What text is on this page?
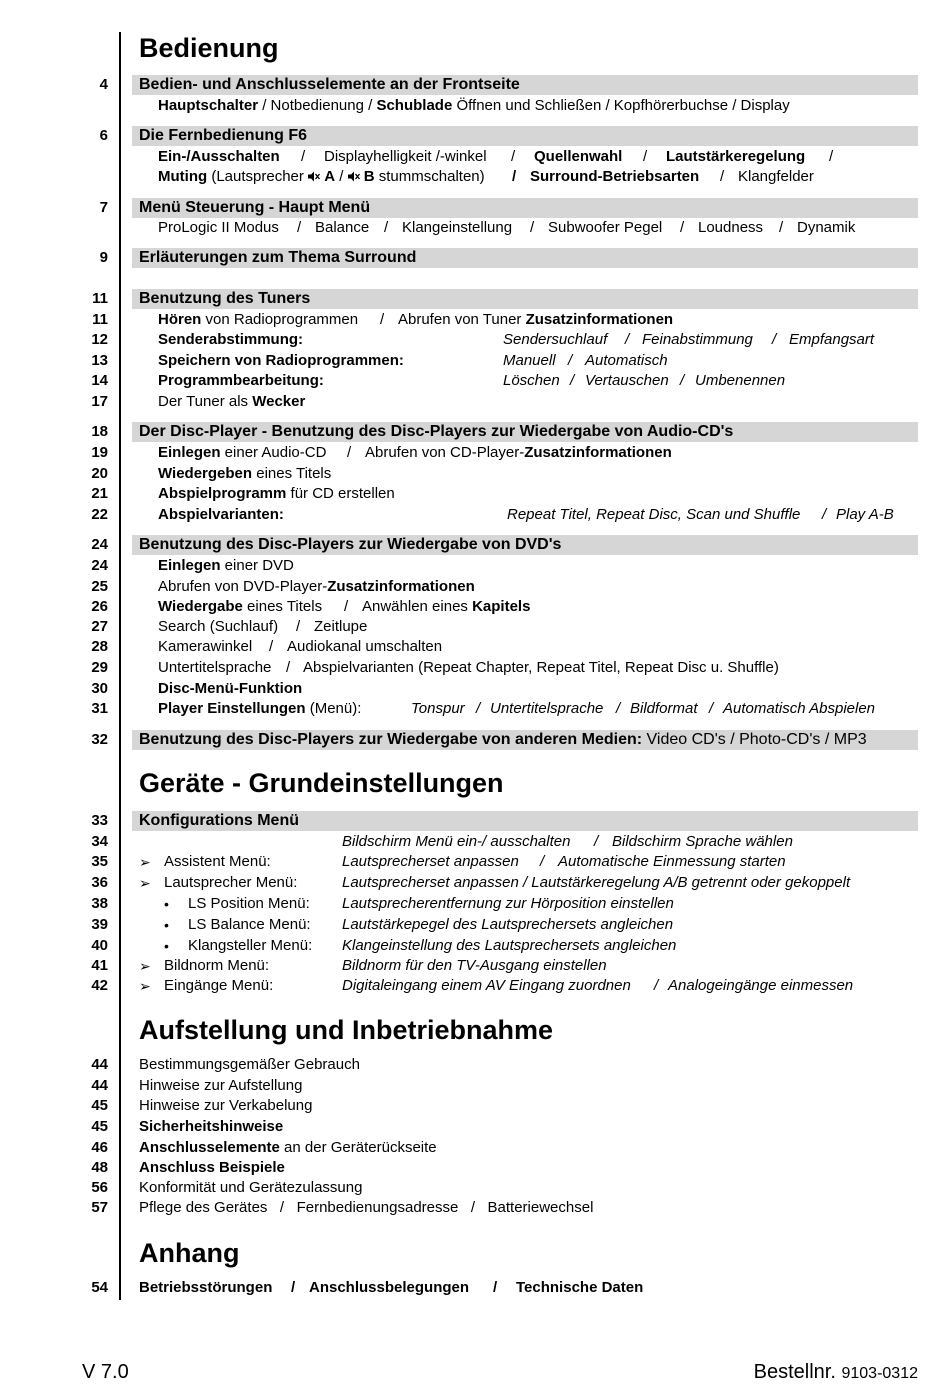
Bedienung
4 Bedien- und Anschlusselemente an der Frontseite
Hauptschalter / Notbedienung / Schublade Öffnen und Schließen / Kopfhörerbuchse / Display
6 Die Fernbedienung F6
Ein-/Ausschalten / Displayhelligkeit /-winkel / Quellenwahl / Lautstärkeregelung /
Muting (Lautsprecher  A /  B stummschalten) / Surround-Betriebsarten / Klangfelder
7 Menü Steuerung - Haupt Menü
ProLogic II Modus / Balance / Klangeinstellung / Subwoofer Pegel / Loudness / Dynamik
9 Erläuterungen zum Thema Surround
11 Benutzung des Tuners
11	Hören von Radioprogrammen / Abrufen von Tuner Zusatzinformationen
12	Senderabstimmung:	Sendersuchlauf / Feinabstimmung / Empfangsart
13	Speichern von Radioprogrammen:	Manuell / Automatisch
14	Programmbearbeitung:	Löschen / Vertauschen / Umbenennen
17	Der Tuner als Wecker
18 Der Disc-Player - Benutzung des Disc-Players zur Wiedergabe von Audio-CD's
19	Einlegen einer Audio-CD / Abrufen von CD-Player-Zusatzinformationen
20	Wiedergeben eines Titels
21	Abspielprogramm für CD erstellen
22	Abspielvarianten:	Repeat Titel, Repeat Disc, Scan und Shuffle / Play A-B
24 Benutzung des Disc-Players zur Wiedergabe von DVD's
24	Einlegen einer DVD
25	Abrufen von DVD-Player-Zusatzinformationen
26	Wiedergabe eines Titels / Anwählen eines Kapitels
27	Search (Suchlauf) / Zeitlupe
28	Kamerawinkel / Audiokanal umschalten
29	Untertitelsprache / Abspielvarianten (Repeat Chapter, Repeat Titel, Repeat Disc u. Shuffle)
30	Disc-Menü-Funktion
31	Player Einstellungen (Menü):	Tonspur / Untertitelsprache / Bildformat / Automatisch Abspielen
32 Benutzung des Disc-Players zur Wiedergabe von anderen Medien: Video CD's / Photo-CD's / MP3
Geräte - Grundeinstellungen
33 Konfigurations Menü
34	Bildschirm Menü ein-/ ausschalten / Bildschirm Sprache wählen
35 ➢ Assistent Menü:	Lautsprecherset anpassen / Automatische Einmessung starten
36 ➢ Lautsprecher Menü:	Lautsprecherset anpassen / Lautstärkeregelung A/B getrennt oder gekoppelt
38	• LS Position Menü: Lautsprecherentfernung zur Hörposition einstellen
39	• LS Balance Menü: Lautstärkepegel des Lautsprechersets angleichen
40	• Klangsteller Menü: Klangeinstellung des Lautsprechersets angleichen
41 ➢ Bildnorm Menü:	Bildnorm für den TV-Ausgang einstellen
42 ➢ Eingänge Menü:	Digitaleingang einem AV Eingang zuordnen / Analogeingänge einmessen
Aufstellung und Inbetriebnahme
44 Bestimmungsgemäßer Gebrauch
44 Hinweise zur Aufstellung
45 Hinweise zur Verkabelung
45 Sicherheitshinweise
46 Anschlusselemente an der Geräterückseite
48 Anschluss Beispiele
56 Konformität und Gerätezulassung
57 Pflege des Gerätes   /   Fernbedienungsadresse   /   Batteriewechsel
Anhang
54 Betriebsstörungen / Anschlussbelegungen / Technische Daten
V 7.0	Bestellnr. 9103-0312
